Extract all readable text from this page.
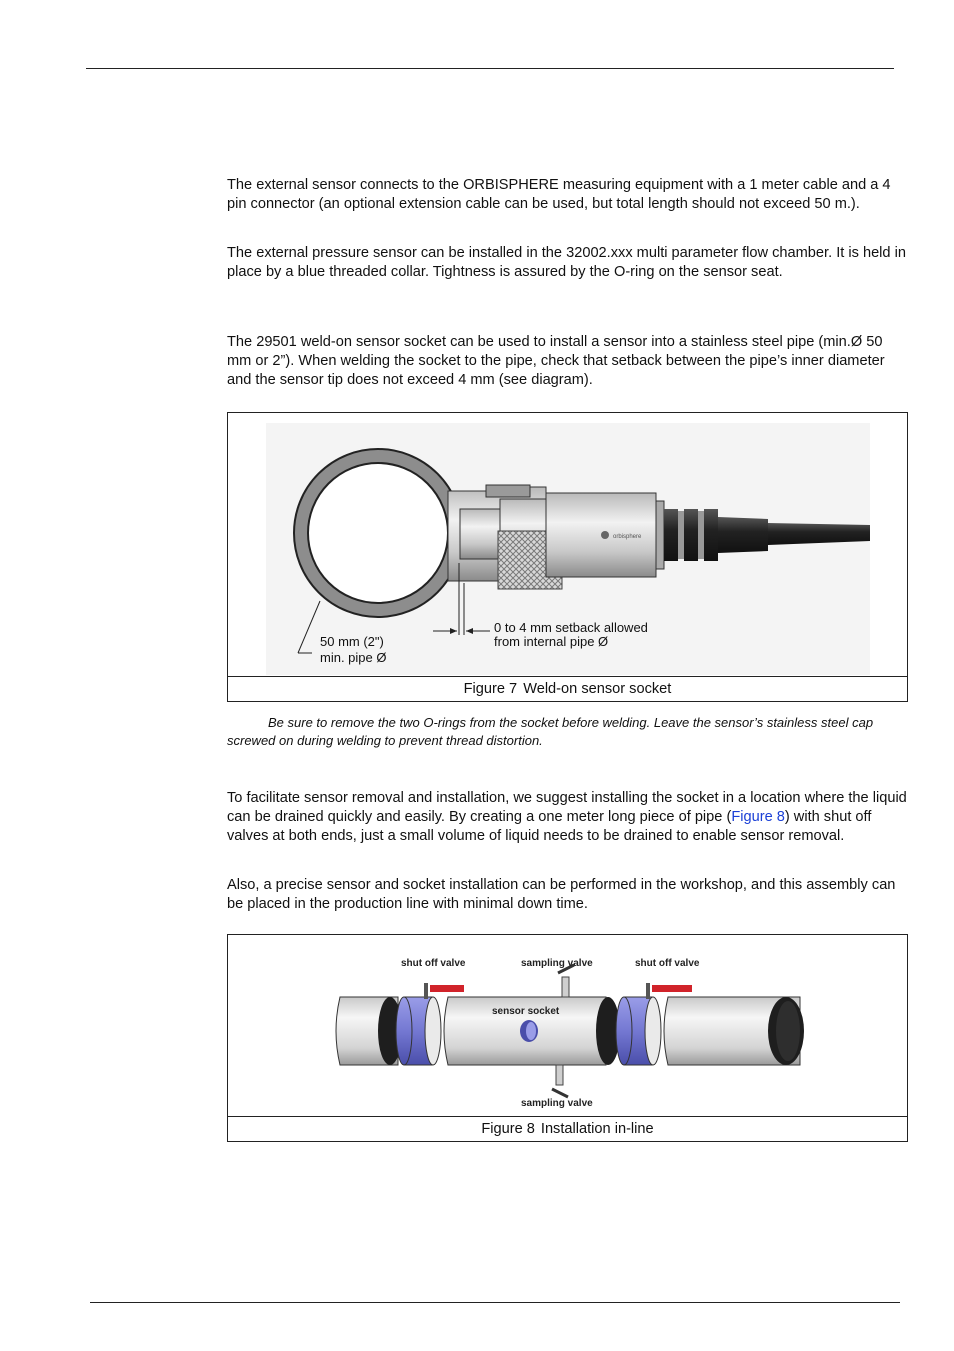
The external sensor connects to the ORBISPHERE measuring equipment with a 1 meter cable and a 4 pin connector (an optional extension cable can be used, but total length should not exceed 50 m.).

The external pressure sensor can be installed in the 32002.xxx multi parameter flow chamber. It is held in place by a blue threaded collar. Tightness is assured by the O-ring on the sensor seat.

The 29501 weld-on sensor socket can be used to install a sensor into a stainless steel pipe (min.Ø 50 mm or 2”). When welding the socket to the pipe, check that setback between the pipe’s inner diameter and the sensor tip does not exceed 4 mm (see diagram).

orbisphere
50 mm (2")
min. pipe Ø
0 to 4 mm setback allowed
from internal pipe Ø
Figure 7 Weld-on sensor socket

Be sure to remove the two O-rings from the socket before welding. Leave the sensor’s stainless steel cap screwed on during welding to prevent thread distortion.

To facilitate sensor removal and installation, we suggest installing the socket in a location where the liquid can be drained quickly and easily. By creating a one meter long piece of pipe (Figure 8) with shut off valves at both ends, just a small volume of liquid needs to be drained to enable sensor removal.

Also, a precise sensor and socket installation can be performed in the workshop, and this assembly can be placed in the production line with minimal down time.

shut off valve	sampling valve	shut off valve
sensor socket
sampling valve
Figure 8 Installation in-line
